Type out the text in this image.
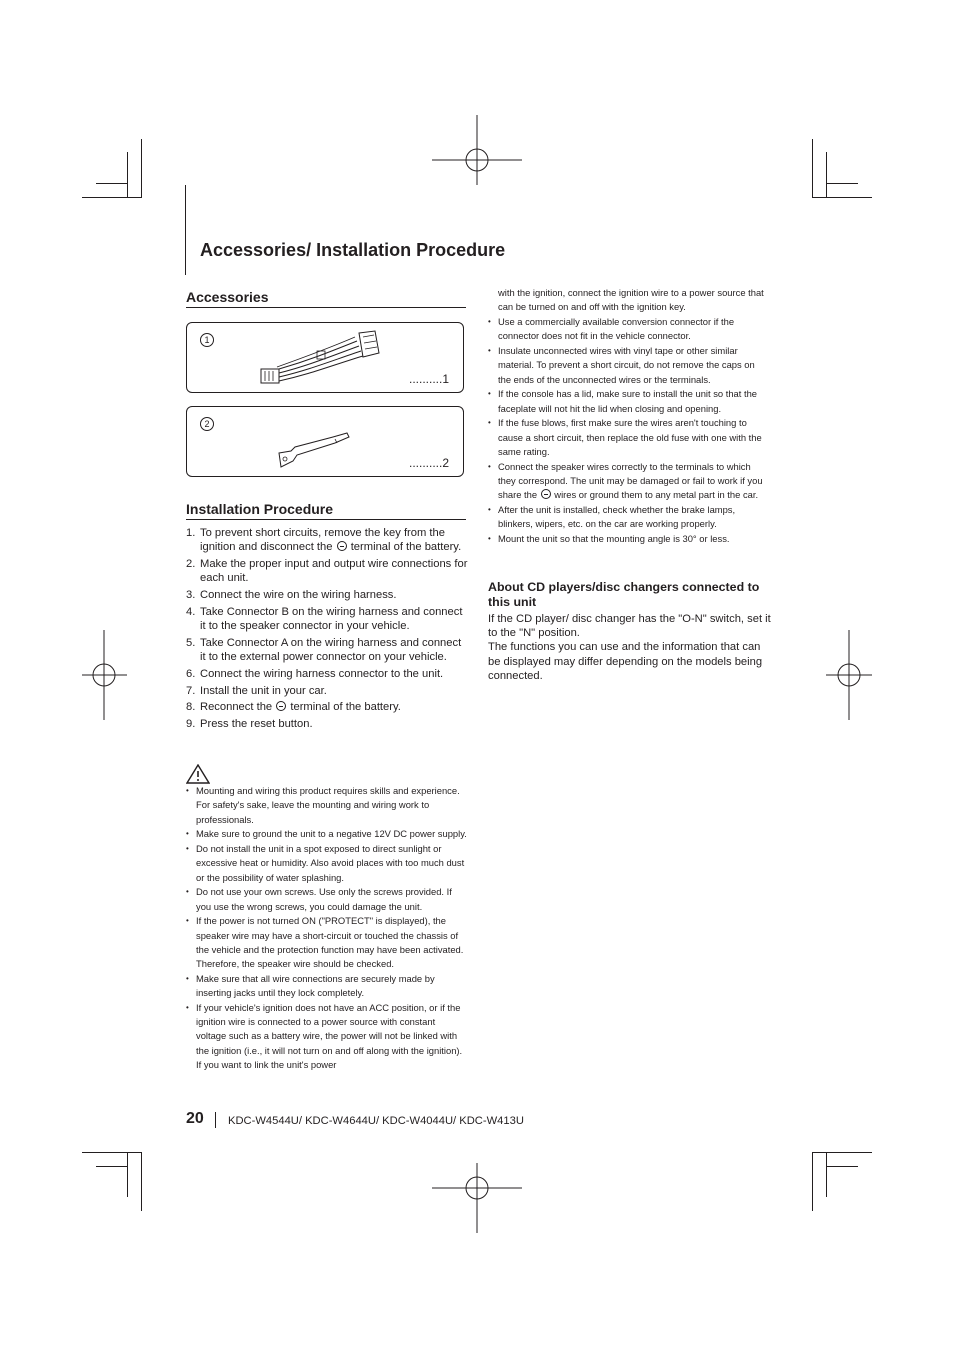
Accessories/ Installation Procedure
Accessories
1
..........1
2
..........2
Installation Procedure
1. To prevent short circuits, remove the key from the ignition and disconnect the  terminal of the battery.
2. Make the proper input and output wire connections for each unit.
3. Connect the wire on the wiring harness.
4. Take Connector B on the wiring harness and connect it to the speaker connector in your vehicle.
5. Take Connector A on the wiring harness and connect it to the external power connector on your vehicle.
6. Connect the wiring harness connector to the unit.
7. Install the unit in your car.
8. Reconnect the  terminal of the battery.
9. Press the reset button.
• Mounting and wiring this product requires skills and experience. For safety's sake, leave the mounting and wiring work to professionals.
• Make sure to ground the unit to a negative 12V DC power supply.
• Do not install the unit in a spot exposed to direct sunlight or excessive heat or humidity. Also avoid places with too much dust or the possibility of water splashing.
• Do not use your own screws. Use only the screws provided. If you use the wrong screws, you could damage the unit.
• If the power is not turned ON ("PROTECT" is displayed), the speaker wire may have a short-circuit or touched the chassis of the vehicle and the protection function may have been activated. Therefore, the speaker wire should be checked.
• Make sure that all wire connections are securely made by inserting jacks until they lock completely.
• If your vehicle's ignition does not have an ACC position, or if the ignition wire is connected to a power source with constant voltage such as a battery wire, the power will not be linked with the ignition (i.e., it will not turn on and off along with the ignition). If you want to link the unit's power
with the ignition, connect the ignition wire to a power source that can be turned on and off with the ignition key.
• Use a commercially available conversion connector if the connector does not fit in the vehicle connector.
• Insulate unconnected wires with vinyl tape or other similar material. To prevent a short circuit, do not remove the caps on the ends of the unconnected wires or the terminals.
• If the console has a lid, make sure to install the unit so that the faceplate will not hit the lid when closing and opening.
• If the fuse blows, first make sure the wires aren't touching to cause a short circuit, then replace the old fuse with one with the same rating.
• Connect the speaker wires correctly to the terminals to which they correspond. The unit may be damaged or fail to work if you share the  wires or ground them to any metal part in the car.
• After the unit is installed, check whether the brake lamps, blinkers, wipers, etc. on the car are working properly.
• Mount the unit so that the mounting angle is 30° or less.
About CD players/disc changers connected to this unit
If the CD player/ disc changer has the "O-N" switch, set it to the "N" position.
The functions you can use and the information that can be displayed may differ depending on the models being connected.
20 KDC-W4544U/ KDC-W4644U/ KDC-W4044U/ KDC-W413U
